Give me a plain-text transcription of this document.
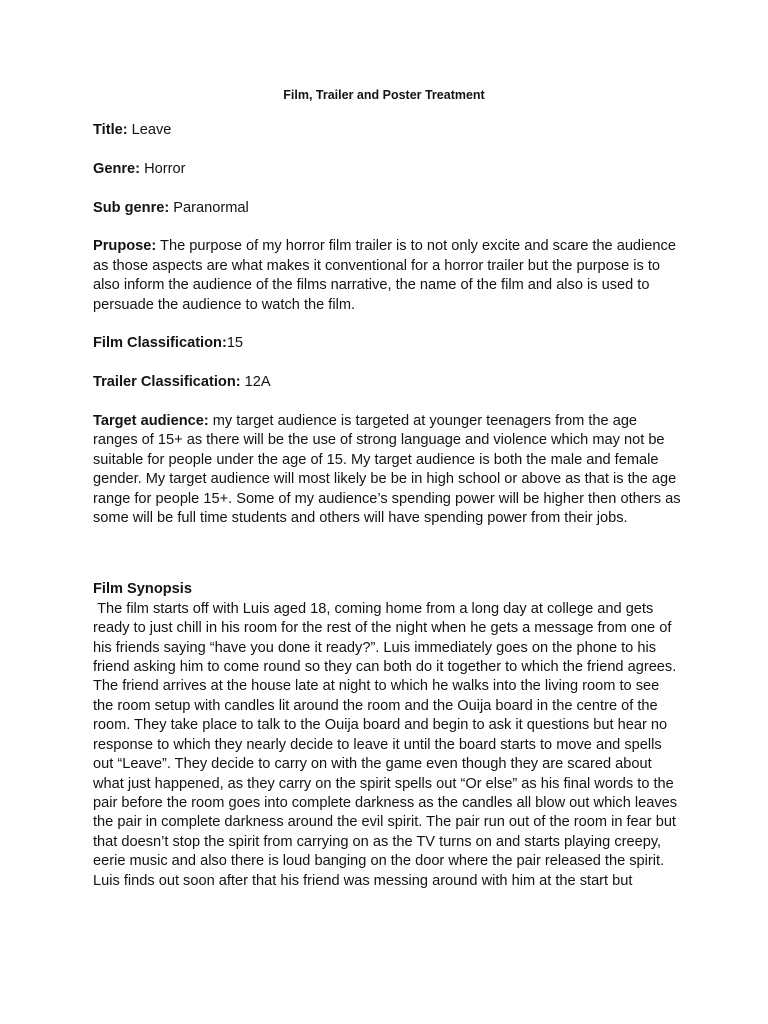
Film, Trailer and Poster Treatment

Title: Leave

Genre: Horror

Sub genre: Paranormal

Prupose: The purpose of my horror film trailer is to not only excite and scare the audience as those aspects are what makes it conventional for a horror trailer but the purpose is to also inform the audience of the films narrative, the name of the film and also is used to persuade the audience to watch the film.

Film Classification:15

Trailer Classification: 12A

Target audience: my target audience is targeted at younger teenagers from the age ranges of 15+ as there will be the use of strong language and violence which may not be suitable for people under the age of 15. My target audience is both the male and female gender. My target audience will most likely be be in high school or above as that is the age range for people 15+. Some of my audience’s spending power will be higher then others as some will be full time students and others will have spending power from their jobs.

Film Synopsis
The film starts off with Luis aged 18, coming home from a long day at college and gets ready to just chill in his room for the rest of the night when he gets a message from one of his friends saying “have you done it ready?”. Luis immediately goes on the phone to his friend asking him to come round so they can both do it together to which the friend agrees. The friend arrives at the house late at night to which he walks into the living room to see the room setup with candles lit around the room and the Ouija board in the centre of the room. They take place to talk to the Ouija board and begin to ask it questions but hear no response to which they nearly decide to leave it until the board starts to move and spells out “Leave”. They decide to carry on with the game even though they are scared about what just happened, as they carry on the spirit spells out “Or else” as his final words to the pair before the room goes into complete darkness as the candles all blow out which leaves the pair in complete darkness around the evil spirit. The pair run out of the room in fear but that doesn’t stop the spirit from carrying on as the TV turns on and starts playing creepy, eerie music and also there is loud banging on the door where the pair released the spirit. Luis finds out soon after that his friend was messing around with him at the start but
